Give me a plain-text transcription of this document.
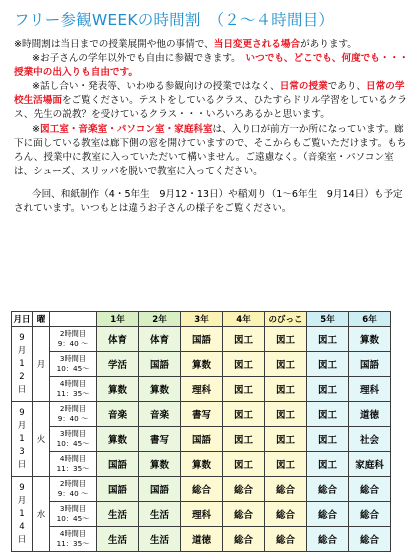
フリー参観WEEKの時間割　（２～４時間目）

※時間割は当日までの授業展開や他の事情で、当日変更される場合があります。

※お子さんの学年以外でも自由に参観できます。　いつでも、どこでも、何度でも・・・授業中の出入りも自由です。

※話し合い・発表等、いわゆる参観向けの授業ではなく、日常の授業であり、日常の学校生活場面をご覧ください。テストをしているクラス、ひたすらドリル学習をしているクラス、先生の説教？を受けているクラス・・・いろいろあるかと思います。

※図工室・音楽室・パソコン室・家庭科室は、入り口が前方一か所になっています。廊下に面している教室は廊下側の窓を開けていますので、そこからもご覧いただけます。もちろん、授業中に教室に入っていただいて構いません。ご遠慮なく。（音楽室・パソコン室は、シューズ、スリッパを脱いで教室に入ってください。

今回、和紙制作（4・5年生　9月12・13日）や稲刈り（1～6年生　9月14日）も予定されています。いつもとは違うお子さんの様子をご覧ください。

月日	曜		1年	2年	3年	4年	のびっこ	5年	6年

9月12日	月	2時間目
9：40 ～	体育	体育	国語	図工	図工	図工	算数

		3時間目
10：45～	学活	国語	算数	図工	図工	図工	国語

		4時間目
11：35～	算数	算数	理科	図工	図工	図工	理科

9月13日	火	2時間目
9：40 ～	音楽	音楽	書写	図工	図工	図工	道徳

		3時間目
10：45～	算数	書写	国語	図工	図工	図工	社会

		4時間目
11：35～	国語	算数	算数	図工	図工	図工	家庭科

9月14日	水	2時間目
9：40 ～	国語	国語	総合	総合	総合	総合	総合

		3時間目
10：45～	生活	生活	理科	総合	総合	総合	総合

		4時間目
11：35～	生活	生活	道徳	総合	総合	総合	総合
